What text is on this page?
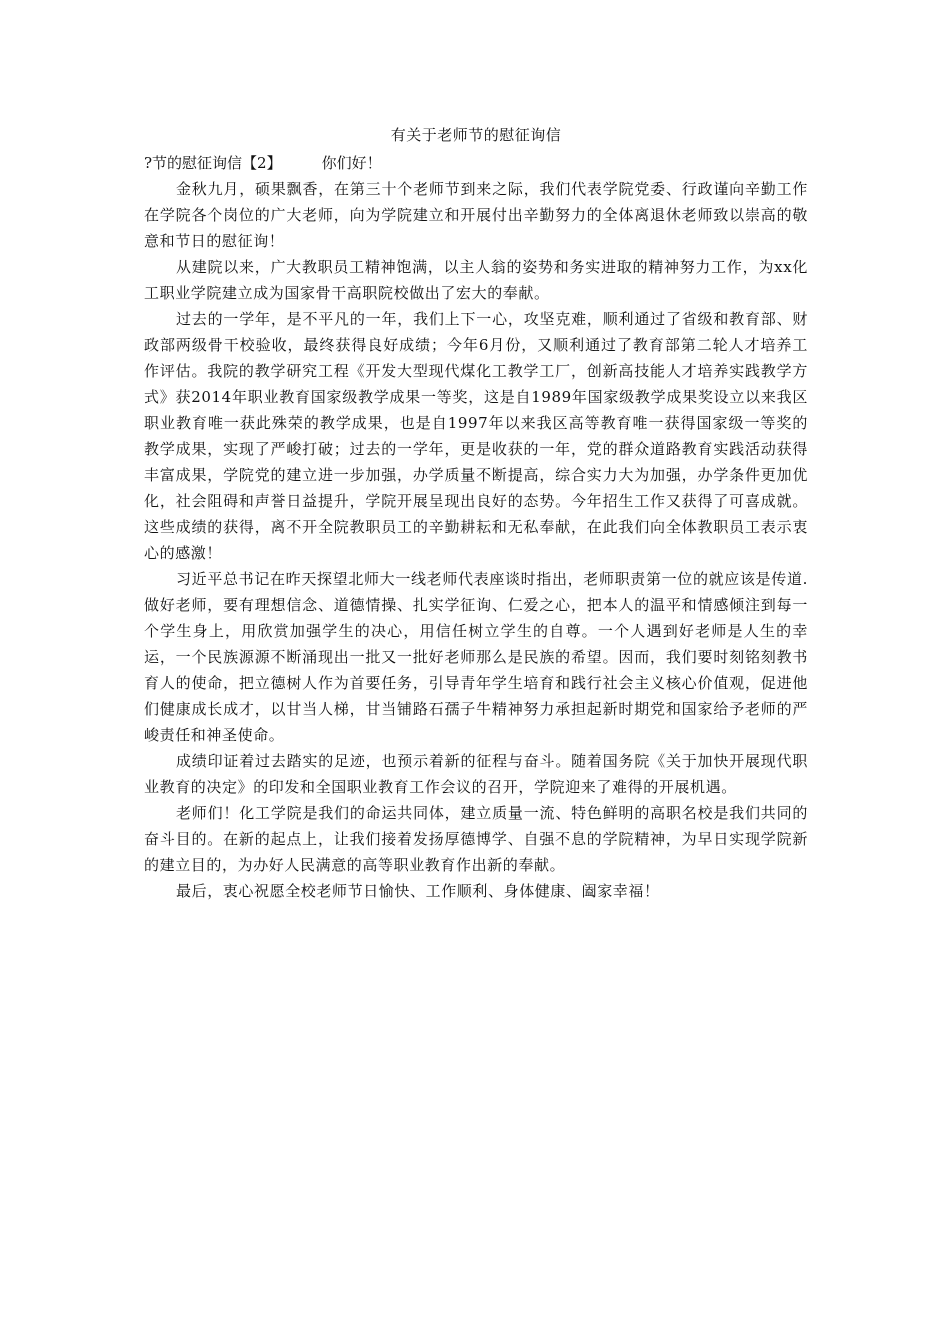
有关于老师节的慰征询信

?节的慰征询信【2】	你们好！

金秋九月，硕果飘香，在第三十个老师节到来之际，我们代表学院党委、行政谨向辛勤工作在学院各个岗位的广大老师，向为学院建立和开展付出辛勤努力的全体离退休老师致以崇高的敬意和节日的慰征询！

从建院以来，广大教职员工精神饱满，以主人翁的姿势和务实进取的精神努力工作，为xx化工职业学院建立成为国家骨干高职院校做出了宏大的奉献。

过去的一学年，是不平凡的一年，我们上下一心，攻坚克难，顺利通过了省级和教育部、财政部两级骨干校验收，最终获得良好成绩；今年6月份，又顺利通过了教育部第二轮人才培养工作评估。我院的教学研究工程《开发大型现代煤化工教学工厂，创新高技能人才培养实践教学方式》获2014年职业教育国家级教学成果一等奖，这是自1989年国家级教学成果奖设立以来我区职业教育唯一获此殊荣的教学成果，也是自1997年以来我区高等教育唯一获得国家级一等奖的教学成果，实现了严峻打破；过去的一学年，更是收获的一年，党的群众道路教育实践活动获得丰富成果，学院党的建立进一步加强，办学质量不断提高，综合实力大为加强，办学条件更加优化，社会阻碍和声誉日益提升，学院开展呈现出良好的态势。今年招生工作又获得了可喜成就。这些成绩的获得，离不开全院教职员工的辛勤耕耘和无私奉献，在此我们向全体教职员工表示衷心的感激！

习近平总书记在昨天探望北师大一线老师代表座谈时指出，老师职责第一位的就应该是传道.做好老师，要有理想信念、道德情操、扎实学征询、仁爱之心，把本人的温平和情感倾注到每一个学生身上，用欣赏加强学生的决心，用信任树立学生的自尊。一个人遇到好老师是人生的幸运，一个民族源源不断涌现出一批又一批好老师那么是民族的希望。因而，我们要时刻铭刻教书育人的使命，把立德树人作为首要任务，引导青年学生培育和践行社会主义核心价值观，促进他们健康成长成才，以甘当人梯，甘当铺路石孺子牛精神努力承担起新时期党和国家给予老师的严峻责任和神圣使命。

成绩印证着过去踏实的足迹，也预示着新的征程与奋斗。随着国务院《关于加快开展现代职业教育的决定》的印发和全国职业教育工作会议的召开，学院迎来了难得的开展机遇。

老师们！化工学院是我们的命运共同体，建立质量一流、特色鲜明的高职名校是我们共同的奋斗目的。在新的起点上，让我们接着发扬厚德博学、自强不息的学院精神，为早日实现学院新的建立目的，为办好人民满意的高等职业教育作出新的奉献。

最后，衷心祝愿全校老师节日愉快、工作顺利、身体健康、阖家幸福！
